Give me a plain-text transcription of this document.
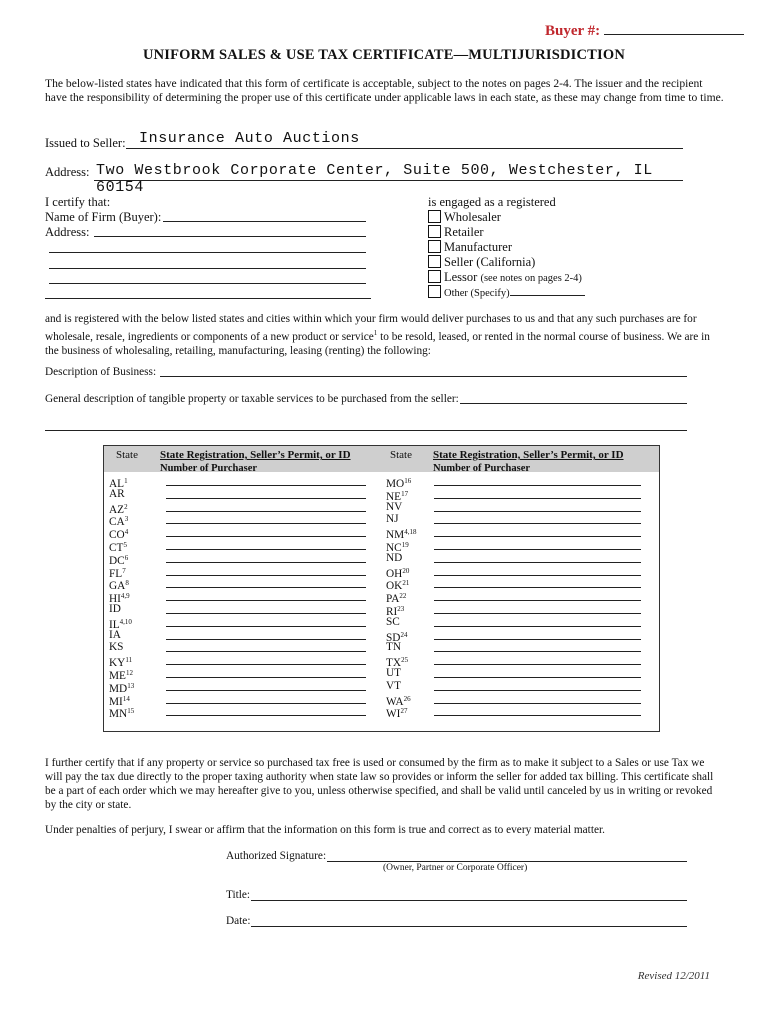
Buyer #:
UNIFORM SALES & USE TAX CERTIFICATE—MULTIJURISDICTION
The below-listed states have indicated that this form of certificate is acceptable, subject to the notes on pages 2-4. The issuer and the recipient have the responsibility of determining the proper use of this certificate under applicable laws in each state, as these may change from time to time.
Issued to Seller: Insurance Auto Auctions
Address: Two Westbrook Corporate Center, Suite 500, Westchester, IL 60154
I certify that:
Name of Firm (Buyer):
Address:
is engaged as a registered
Wholesaler
Retailer
Manufacturer
Seller (California)
Lessor (see notes on pages 2-4)
Other (Specify)
and is registered with the below listed states and cities within which your firm would deliver purchases to us and that any such purchases are for wholesale, resale, ingredients or components of a new product or service$^1$ to be resold, leased, or rented in the normal course of business. We are in the business of wholesaling, retailing, manufacturing, leasing (renting) the following:
Description of Business:
General description of tangible property or taxable services to be purchased from the seller:
State State Registration, Seller’s Permit, or ID
Number of Purchaser
State State Registration, Seller’s Permit, or ID
Number of Purchaser
$AL^1$
AR
$AZ^2$
$CA^3$
$CO^4$
$CT^5$
$DC^6$
$FL^7$
$GA^8$
HI$^{4,9}$
ID
IL$^{4,10}$
IA
KS
KY$^{11}$
ME$^{12}$
MD$^{13}$
MI$^{14}$
MN$^{15}$
MO$^{16}$
NE$^{17}$
NV
NJ
NM$^{4,18}$
NC$^{19}$
ND
OH$^{20}$
OK$^{21}$
PA$^{22}$
RI$^{23}$
SC
SD$^{24}$
TN
TX$^{25}$
UT
VT
WA$^{26}$
WI$^{27}$
I further certify that if any property or service so purchased tax free is used or consumed by the firm as to make it subject to a Sales or use Tax we will pay the tax due directly to the proper taxing authority when state law so provides or inform the seller for added tax billing. This certificate shall be a part of each order which we may hereafter give to you, unless otherwise specified, and shall be valid until canceled by us in writing or revoked by the city or state.
Under penalties of perjury, I swear or affirm that the information on this form is true and correct as to every material matter.
Authorized Signature:
(Owner, Partner or Corporate Officer)
Title:
Date:
Revised 12/2011
